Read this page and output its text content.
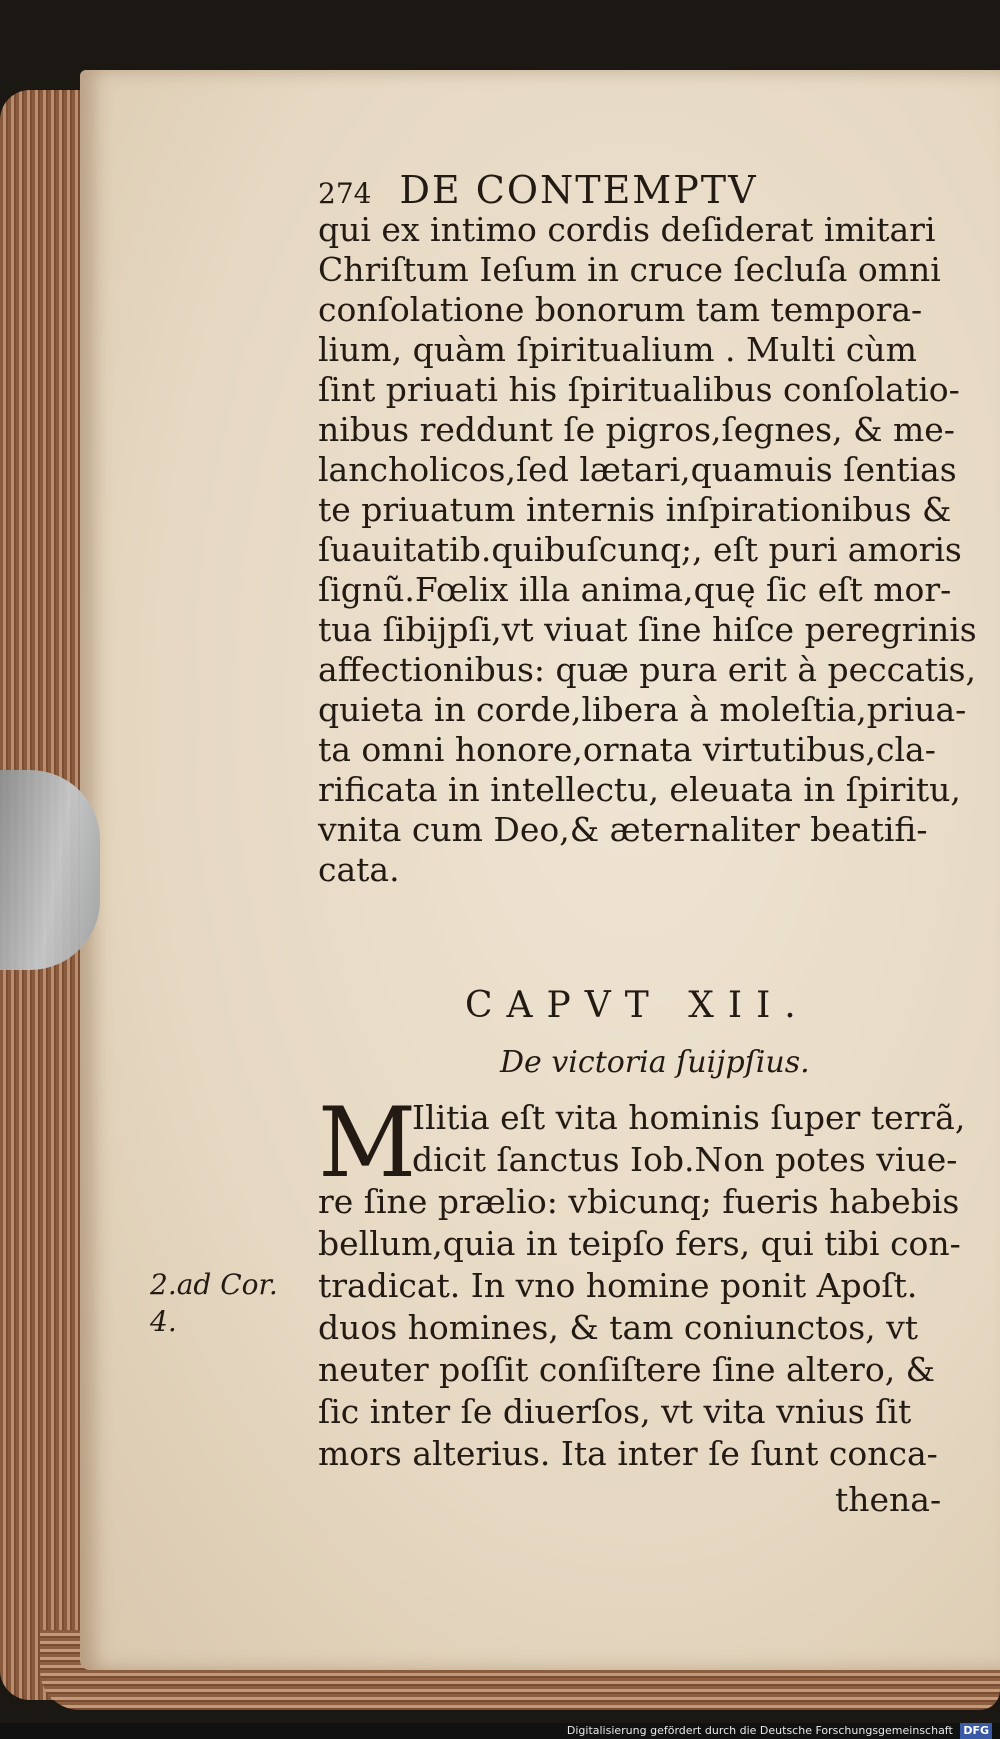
274 DE CONTEMPTV
qui ex intimo cordis deſiderat imitari
Chriſtum Ieſum in cruce ſecluſa omni
conſolatione bonorum tam tempora-
lium, quàm ſpiritualium . Multi cùm
ſint priuati his ſpiritualibus conſolatio-
nibus reddunt ſe pigros,ſegnes, & me-
lancholicos,ſed lætari,quamuis ſentias
te priuatum internis inſpirationibus &
ſuauitatib.quibuſcunq;, eſt puri amoris
ſignũ.Fœlix illa anima,quę ſic eſt mor-
tua ſibijpſi,vt viuat ſine hiſce peregrinis
affectionibus: quæ pura erit à peccatis,
quieta in corde,libera à moleſtia,priua-
ta omni honore,ornata virtutibus,cla-
rificata in intellectu, eleuata in ſpiritu,
vnita cum Deo,& æternaliter beatifi-
cata.
CAPVT XII.
De victoria ſuijpſius.
M
Ilitia eſt vita hominis ſuper terrã,
dicit ſanctus Iob.Non potes viue-
re ſine prælio: vbicunq; fueris habebis
bellum,quia in teipſo fers, qui tibi con-
tradicat. In vno homine ponit Apoſt.
duos homines, & tam coniunctos, vt
neuter poſſit conſiſtere ſine altero, &
ſic inter ſe diuerſos, vt vita vnius ſit
mors alterius. Ita inter ſe ſunt conca-
2.ad Cor.
4.
thena-
Digitalisierung gefördert durch die Deutsche Forschungsgemeinschaft DFG
